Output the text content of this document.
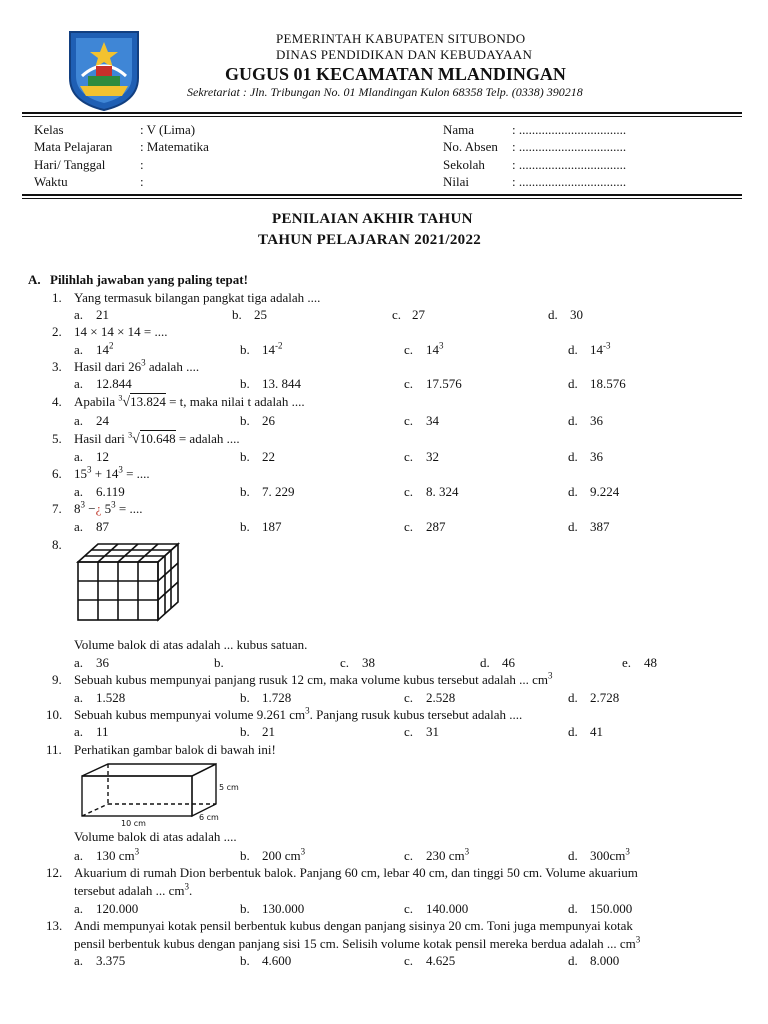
PEMERINTAH KABUPATEN SITUBONDO
DINAS PENDIDIKAN DAN KEBUDAYAAN
GUGUS 01 KECAMATAN MLANDINGAN
Sekretariat : Jln. Tribungan No. 01 Mlandingan Kulon 68358 Telp. (0338) 390218
Kelas	: V (Lima)
Mata Pelajaran : Matematika
Hari/ Tanggal	:
Waktu	:
Nama	: .................................
No. Absen : .................................
Sekolah : .................................
Nilai	: .................................
PENILAIAN AKHIR TAHUN
TAHUN PELAJARAN 2021/2022
A. Pilihlah jawaban yang paling tepat!
1. Yang termasuk bilangan pangkat tiga adalah ....
a. 21	b. 25	c. 27	d. 30
2. 14 × 14 × 14 = ....
a. $14^2$	b. $14^{-2}$	c. $14^3$	d. $14^{-3}$
3. Hasil dari $26^3$ adalah ....
a. 12.844	b. 13. 844	c. 17.576	d. 18.576
4. Apabila $^3$√13.824 = t, maka nilai t adalah ....
a. 24	b. 26	c. 34	d. 36
5. Hasil dari $^3$√10.648 = adalah ....
a. 12	b. 22	c. 32	d. 36
6. $15^3 + 14^3$ = ....
a. 6.119	b. 7. 229	c. 8. 324	d. 9.224
7. $8^3$ −¿ $5^3$ = ....
a. 87	b. 187	c. 287	d. 387
8.
Volume balok di atas adalah ... kubus satuan.
a. 36	b.	c. 38	d. 46	e. 48
9. Sebuah kubus mempunyai panjang rusuk 12 cm, maka volume kubus tersebut adalah ... $cm^3$
a. 1.528	b. 1.728	c. 2.528	d. 2.728
10. Sebuah kubus mempunyai volume 9.261 $cm^3$. Panjang rusuk kubus tersebut adalah ....
a. 11	b. 21	c. 31	d. 41
11. Perhatikan gambar balok di bawah ini!
5 cm
6 cm
10 cm
Volume balok di atas adalah ....
a. 130 $cm^3$	b. 200 $cm^3$	c. 230 $cm^3$	d. $300cm^3$
12. Akuarium di rumah Dion berbentuk balok. Panjang 60 cm, lebar 40 cm, dan tinggi 50 cm. Volume akuarium
tersebut adalah ... $cm^3$.
a. 120.000	b. 130.000	c. 140.000	d. 150.000
13. Andi mempunyai kotak pensil berbentuk kubus dengan panjang sisinya 20 cm. Toni juga mempunyai kotak
pensil berbentuk kubus dengan panjang sisi 15 cm. Selisih volume kotak pensil mereka berdua adalah ... $cm^3$
a. 3.375	b. 4.600	c. 4.625	d. 8.000
